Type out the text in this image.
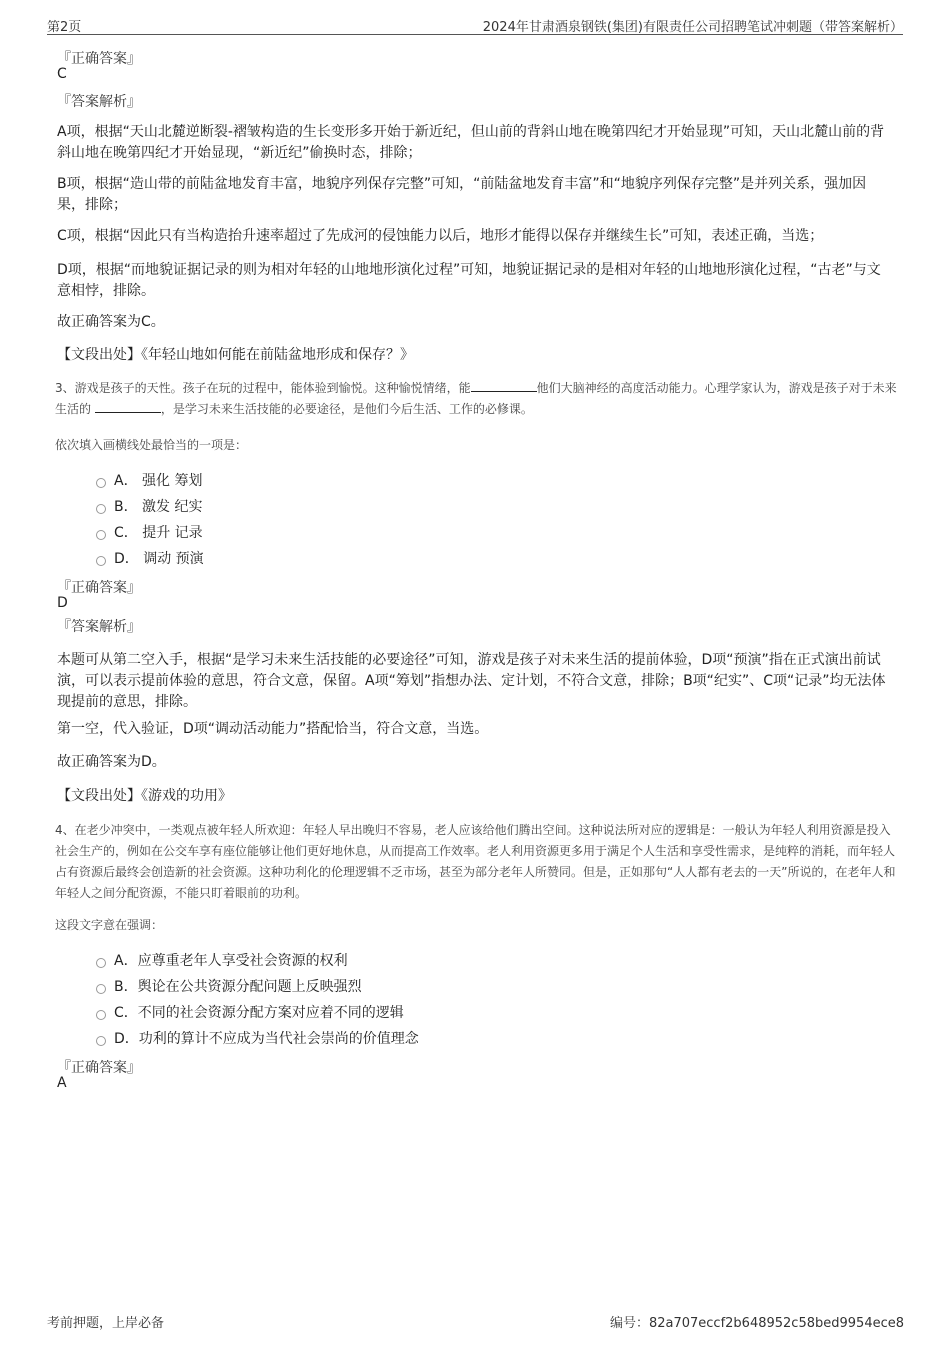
第2页	2024年甘肃酒泉钢铁(集团)有限责任公司招聘笔试冲刺题（带答案解析）
『正确答案』
C
『答案解析』
A项，根据“天山北麓逆断裂-褶皱构造的生长变形多开始于新近纪，但山前的背斜山地在晚第四纪才开始显现”可知，天山北麓山前的背斜山地在晚第四纪才开始显现，“新近纪”偷换时态，排除；
B项，根据“造山带的前陆盆地发育丰富，地貌序列保存完整”可知，“前陆盆地发育丰富”和“地貌序列保存完整”是并列关系，强加因果，排除；
C项，根据“因此只有当构造抬升速率超过了先成河的侵蚀能力以后，地形才能得以保存并继续生长”可知，表述正确，当选；
D项，根据“而地貌证据记录的则为相对年轻的山地地形演化过程”可知，地貌证据记录的是相对年轻的山地地形演化过程，“古老”与文意相悖，排除。
故正确答案为C。
【文段出处】《年轻山地如何能在前陆盆地形成和保存？》
3、游戏是孩子的天性。孩子在玩的过程中，能体验到愉悦。这种愉悦情绪，能	他们大脑神经的高度活动能力。心理学家认为，游戏是孩子对于未来生活的	，是学习未来生活技能的必要途径，是他们今后生活、工作的必修课。
依次填入画横线处最恰当的一项是：
A． 强化 筹划
B． 激发 纪实
C． 提升 记录
D． 调动 预演
『正确答案』
D
『答案解析』
本题可从第二空入手，根据“是学习未来生活技能的必要途径”可知，游戏是孩子对未来生活的提前体验，D项“预演”指在正式演出前试演，可以表示提前体验的意思，符合文意，保留。A项“筹划”指想办法、定计划，不符合文意，排除；B项“纪实”、C项“记录”均无法体现提前的意思，排除。
第一空，代入验证，D项“调动活动能力”搭配恰当，符合文意，当选。
故正确答案为D。
【文段出处】《游戏的功用》
4、在老少冲突中，一类观点被年轻人所欢迎：年轻人早出晚归不容易，老人应该给他们腾出空间。这种说法所对应的逻辑是：一般认为年轻人利用资源是投入社会生产的，例如在公交车享有座位能够让他们更好地休息，从而提高工作效率。老人利用资源更多用于满足个人生活和享受性需求，是纯粹的消耗，而年轻人占有资源后最终会创造新的社会资源。这种功利化的伦理逻辑不乏市场，甚至为部分老年人所赞同。但是，正如那句“人人都有老去的一天”所说的，在老年人和年轻人之间分配资源，不能只盯着眼前的功利。
这段文字意在强调：
A．应尊重老年人享受社会资源的权利
B．舆论在公共资源分配问题上反映强烈
C．不同的社会资源分配方案对应着不同的逻辑
D．功利的算计不应成为当代社会崇尚的价值理念
『正确答案』
A
考前押题，上岸必备	编号：82a707eccf2b648952c58bed9954ece8
